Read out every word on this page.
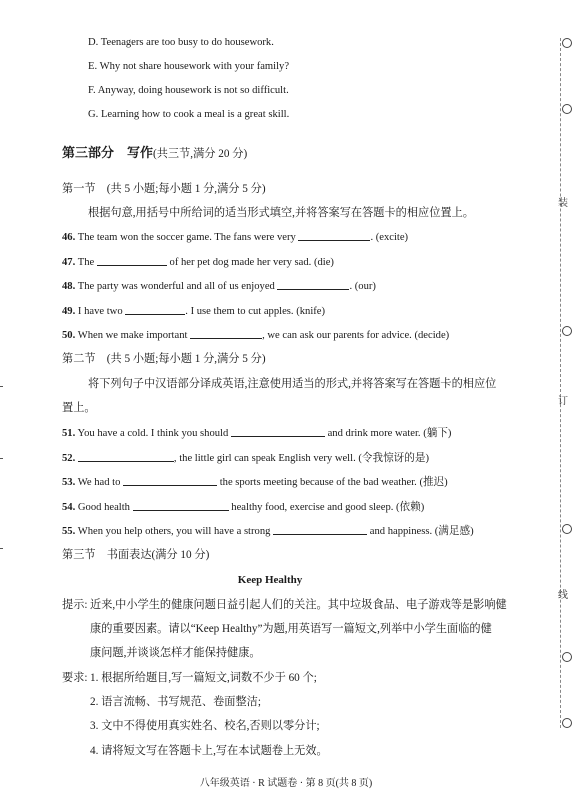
D. Teenagers are too busy to do housework.
E. Why not share housework with your family?
F. Anyway, doing housework is not so difficult.
G. Learning how to cook a meal is a great skill.
第三部分　写作(共三节,满分 20 分)
第一节　(共 5 小题;每小题 1 分,满分 5 分)
根据句意,用括号中所给词的适当形式填空,并将答案写在答题卡的相应位置上。
46. The team won the soccer game. The fans were very	. (excite)
47. The	of her pet dog made her very sad. (die)
48. The party was wonderful and all of us enjoyed	. (our)
49. I have two	. I use them to cut apples. (knife)
50. When we make important	, we can ask our parents for advice. (decide)
第二节　(共 5 小题;每小题 1 分,满分 5 分)
将下列句子中汉语部分译成英语,注意使用适当的形式,并将答案写在答题卡的相应位
置上。
51. You have a cold. I think you should	and drink more water. (躺下)
52.	, the little girl can speak English very well. (令我惊讶的是)
53. We had to	the sports meeting because of the bad weather. (推迟)
54. Good health	healthy food, exercise and good sleep. (依赖)
55. When you help others, you will have a strong	and happiness. (满足感)
第三节　书面表达(满分 10 分)
Keep Healthy
提示: 近来,中小学生的健康问题日益引起人们的关注。其中垃圾食品、电子游戏等是影响健
康的重要因素。请以“Keep Healthy”为题,用英语写一篇短文,列举中小学生面临的健
康问题,并谈谈怎样才能保持健康。
要求: 1. 根据所给题目,写一篇短文,词数不少于 60 个;
2. 语言流畅、书写规范、卷面整洁;
3. 文中不得使用真实姓名、校名,否则以零分计;
4. 请将短文写在答题卡上,写在本试题卷上无效。
八年级英语 · R 试题卷 · 第 8 页(共 8 页)
装
订
线
